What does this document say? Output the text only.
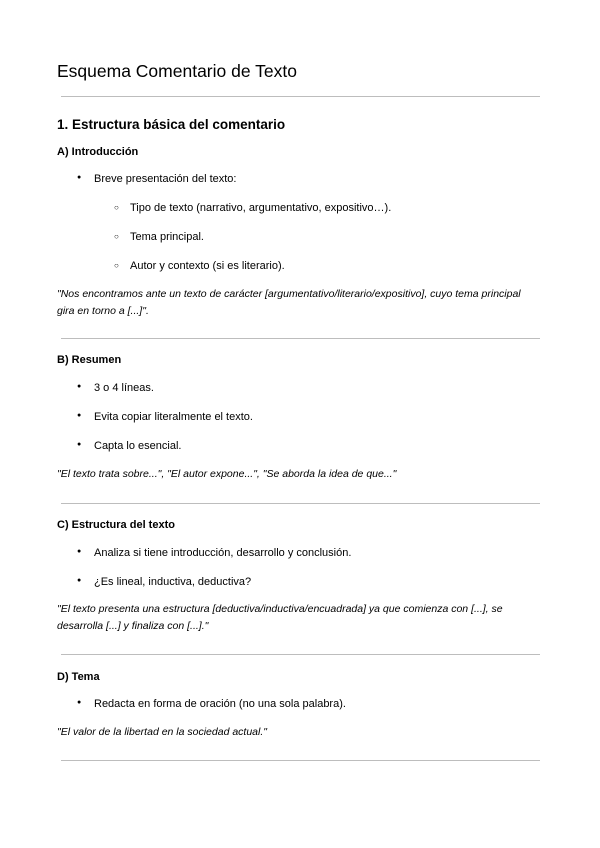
Esquema Comentario de Texto
1. Estructura básica del comentario
A) Introducción
● Breve presentación del texto:
○ Tipo de texto (narrativo, argumentativo, expositivo…).
○ Tema principal.
○ Autor y contexto (si es literario).
"Nos encontramos ante un texto de carácter [argumentativo/literario/expositivo], cuyo tema principal gira en torno a [...]".
B) Resumen
● 3 o 4 líneas.
● Evita copiar literalmente el texto.
● Capta lo esencial.
"El texto trata sobre...", "El autor expone...", "Se aborda la idea de que..."
C) Estructura del texto
● Analiza si tiene introducción, desarrollo y conclusión.
● ¿Es lineal, inductiva, deductiva?
"El texto presenta una estructura [deductiva/inductiva/encuadrada] ya que comienza con [...], se desarrolla [...] y finaliza con [...]."
D) Tema
● Redacta en forma de oración (no una sola palabra).
"El valor de la libertad en la sociedad actual."
